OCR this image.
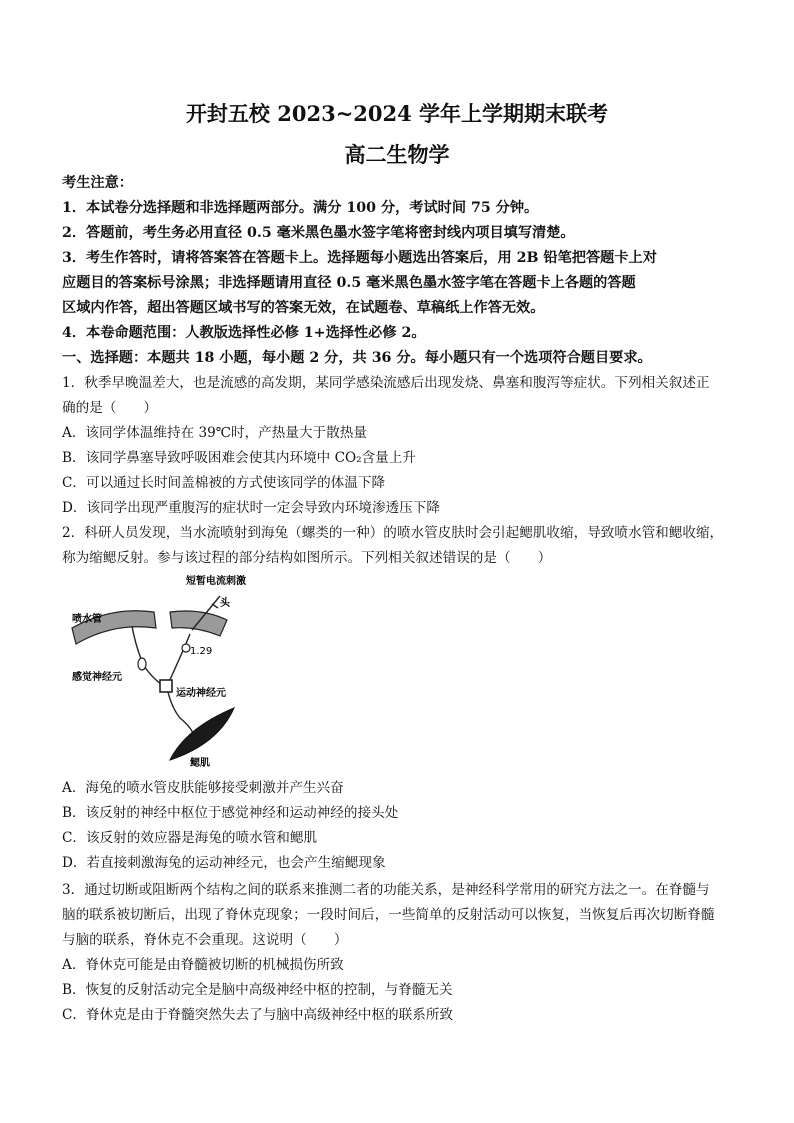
开封五校 2023~2024 学年上学期期末联考
高二生物学
考生注意：
1．本试卷分选择题和非选择题两部分。满分 100 分，考试时间 75 分钟。
2．答题前，考生务必用直径 0.5 毫米黑色墨水签字笔将密封线内项目填写清楚。
3．考生作答时，请将答案答在答题卡上。选择题每小题选出答案后，用 2B 铅笔把答题卡上对
应题目的答案标号涂黑；非选择题请用直径 0.5 毫米黑色墨水签字笔在答题卡上各题的答题
区域内作答，超出答题区域书写的答案无效，在试题卷、草稿纸上作答无效。
4．本卷命题范围：人教版选择性必修 1+选择性必修 2。
一、选择题：本题共 18 小题，每小题 2 分，共 36 分。每小题只有一个选项符合题目要求。
1．秋季早晚温差大，也是流感的高发期，某同学感染流感后出现发烧、鼻塞和腹泻等症状。下列相关叙述正
确的是（　　）
A．该同学体温维持在 39℃时，产热量大于散热量
B．该同学鼻塞导致呼吸困难会使其内环境中 CO₂含量上升
C．可以通过长时间盖棉被的方式使该同学的体温下降
D．该同学出现严重腹泻的症状时一定会导致内环境渗透压下降
2．科研人员发现，当水流喷射到海兔（螺类的一种）的喷水管皮肤时会引起鳃肌收缩，导致喷水管和鳃收缩，
称为缩鳃反射。参与该过程的部分结构如图所示。下列相关叙述错误的是（　　）
短暂电流刺激
头
喷水管
1.29
感觉神经元
运动神经元
鳃肌
A．海兔的喷水管皮肤能够接受刺激并产生兴奋
B．该反射的神经中枢位于感觉神经和运动神经的接头处
C．该反射的效应器是海兔的喷水管和鳃肌
D．若直接刺激海兔的运动神经元，也会产生缩鳃现象
3．通过切断或阻断两个结构之间的联系来推测二者的功能关系，是神经科学常用的研究方法之一。在脊髓与
脑的联系被切断后，出现了脊休克现象；一段时间后，一些简单的反射活动可以恢复，当恢复后再次切断脊髓
与脑的联系，脊休克不会重现。这说明（　　）
A．脊休克可能是由脊髓被切断的机械损伤所致
B．恢复的反射活动完全是脑中高级神经中枢的控制，与脊髓无关
C．脊休克是由于脊髓突然失去了与脑中高级神经中枢的联系所致
